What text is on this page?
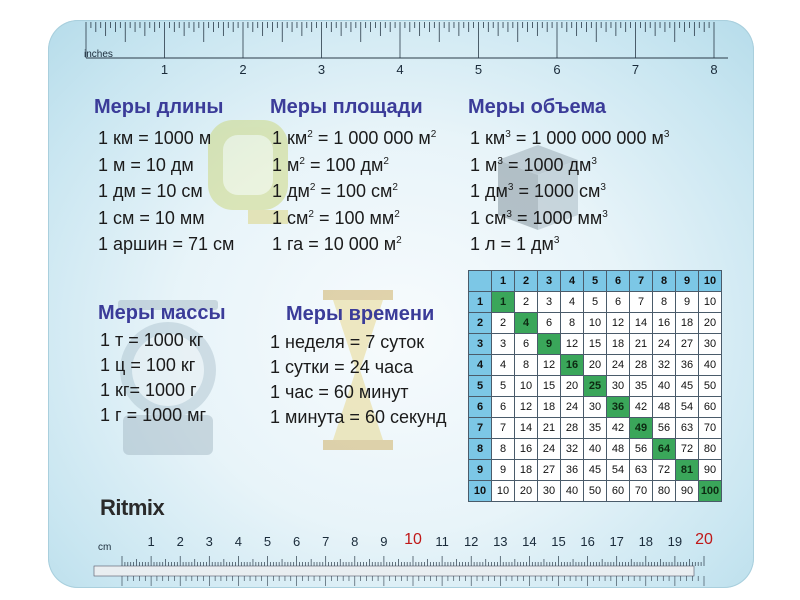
inches
1	2	3	4	5	6	7	8
Меры длины
1 км = 1000 м
1 м = 10 дм
1 дм = 10 см
1 см = 10 мм
1 аршин = 71 см
Меры площади
1 $км^2 = 1$ 000 000 $м^2$
1 $м^2 = 100$ $дм^2$
1 $дм^2 = 100$ $см^2$
1 $см^2 = 100$ $мм^2$
1 га = 10 000 $м^2$
Меры объема
1 $км^3 = 1$ 000 000 000 $м^3$
1 $м^3 = 1000$ $дм^3$
1 $дм^3 = 1000$ $см^3$
1 $см^3 = 1000$ $мм^3$
1 л = 1 $дм^3$
Меры массы
1 т = 1000 кг
1 ц = 100 кг
1 кг= 1000 г
1 г = 1000 мг
Меры времени
1 неделя = 7 суток
1 сутки = 24 часа
1 час = 60 минут
1 минута = 60 секунд
	1	2	3	4	5	6	7	8	9	10
1	1	2	3	4	5	6	7	8	9	10
2	2	4	6	8	10	12	14	16	18	20
3	3	6	9	12	15	18	21	24	27	30
4	4	8	12	16	20	24	28	32	36	40
5	5	10	15	20	25	30	35	40	45	50
6	6	12	18	24	30	36	42	48	54	60
7	7	14	21	28	35	42	49	56	63	70
8	8	16	24	32	40	48	56	64	72	80
9	9	18	27	36	45	54	63	72	81	90
10	10	20	30	40	50	60	70	80	90	100
Ritmix
cm	1 2 3 4 5 6 7 8 9 10 11 12 13 14 15 16 17 18 19 20
